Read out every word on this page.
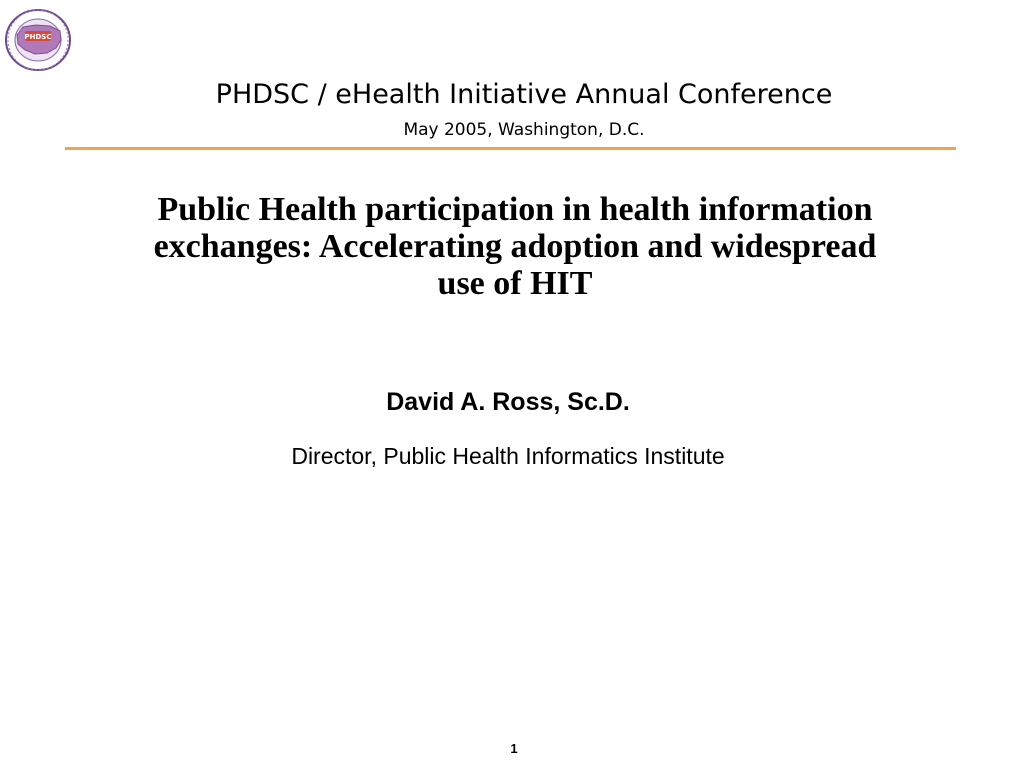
PHDSC
PHDSC / eHealth Initiative Annual Conference
May 2005, Washington, D.C.
Public Health participation in health information
exchanges: Accelerating adoption and widespread
use of HIT
David A. Ross, Sc.D.
Director, Public Health Informatics Institute
1
